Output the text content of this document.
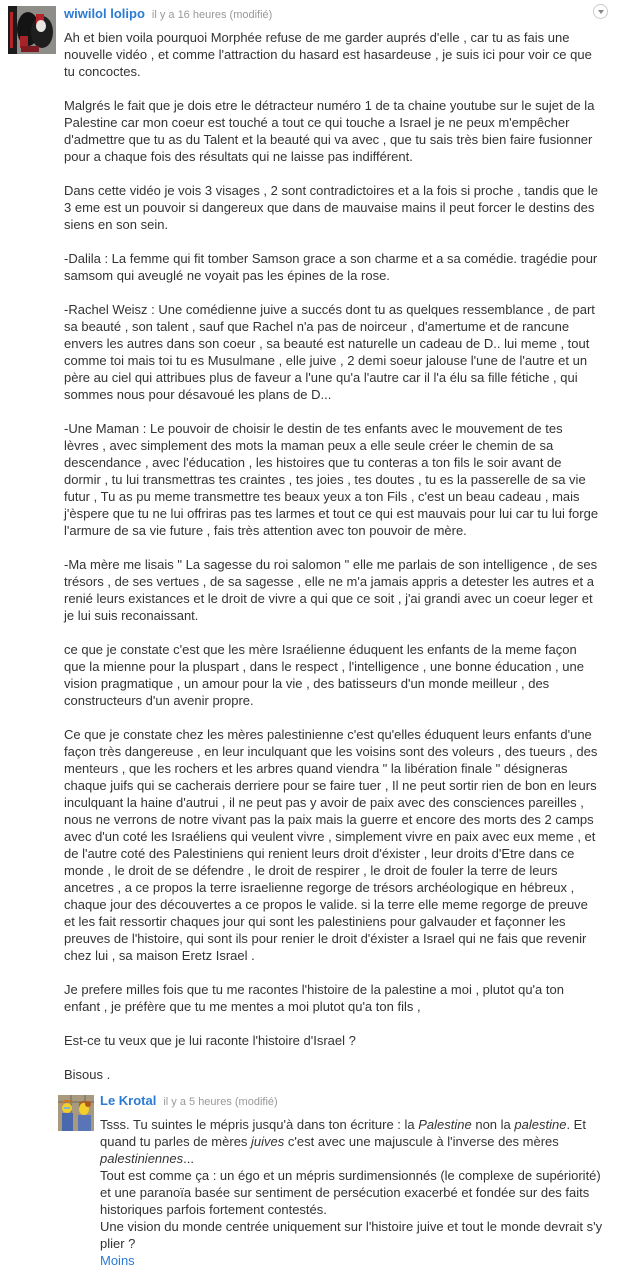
wiwilol lolipo il y a 16 heures (modifié)

Ah et bien voila pourquoi Morphée refuse de me garder auprés d'elle , car tu as fais une nouvelle vidéo , et comme l'attraction du hasard est hasardeuse , je suis ici pour voir ce que tu concoctes.

Malgrés le fait que je dois etre le détracteur numéro 1 de ta chaine youtube sur le sujet de la Palestine car mon coeur est touché a tout ce qui touche a Israel je ne peux m'empêcher d'admettre que tu as du Talent et la beauté qui va avec , que tu sais très bien faire fusionner pour a chaque fois des résultats qui ne laisse pas indifférent.

Dans cette vidéo je vois 3 visages , 2 sont contradictoires et a la fois si proche , tandis que le 3 eme est un pouvoir si dangereux que dans de mauvaise mains il peut forcer le destins des siens en son sein.

-Dalila : La femme qui fit tomber Samson grace a son charme et a sa comédie. tragédie pour samsom qui aveuglé ne voyait pas les épines de la rose.

-Rachel Weisz : Une comédienne juive a succés dont tu as quelques ressemblance , de part sa beauté , son talent , sauf que Rachel n'a pas de noirceur , d'amertume et de rancune envers les autres dans son coeur , sa beauté est naturelle un cadeau de D.. lui meme , tout comme toi mais toi tu es Musulmane , elle juive , 2 demi soeur jalouse l'une de l'autre et un père au ciel qui attribues plus de faveur a l'une qu'a l'autre car il l'a élu sa fille fétiche , qui sommes nous pour désavoué les plans de D...

-Une Maman : Le pouvoir de choisir le destin de tes enfants avec le mouvement de tes lèvres , avec simplement des mots la maman peux a elle seule créer le chemin de sa descendance , avec l'éducation , les histoires que tu conteras a ton fils le soir avant de dormir , tu lui transmettras tes craintes , tes joies , tes doutes , tu es la passerelle de sa vie futur , Tu as pu meme transmettre tes beaux yeux a ton Fils , c'est un beau cadeau , mais j'èspere que tu ne lui offriras pas tes larmes et tout ce qui est mauvais pour lui car tu lui forge l'armure de sa vie future , fais très attention avec ton pouvoir de mère.

-Ma mère me lisais " La sagesse du roi salomon " elle me parlais de son intelligence , de ses trésors , de ses vertues , de sa sagesse , elle ne m'a jamais appris a detester les autres et a renié leurs existances et le droit de vivre a qui que ce soit , j'ai grandi avec un coeur leger et je lui suis reconaissant.

ce que je constate c'est que les mère Israélienne éduquent les enfants de la meme façon que la mienne pour la pluspart , dans le respect , l'intelligence , une bonne éducation , une vision pragmatique , un amour pour la vie , des batisseurs d'un monde meilleur , des constructeurs d'un avenir propre.

Ce que je constate chez les mères palestinienne c'est qu'elles éduquent leurs enfants d'une façon très dangereuse , en leur inculquant que les voisins sont des voleurs , des tueurs , des menteurs , que les rochers et les arbres quand viendra " la libération finale " désigneras chaque juifs qui se cacherais derriere pour se faire tuer , Il ne peut sortir rien de bon en leurs inculquant la haine d'autrui , il ne peut pas y avoir de paix avec des consciences pareilles , nous ne verrons de notre vivant pas la paix mais la guerre et encore des morts des 2 camps avec d'un coté les Israéliens qui veulent vivre , simplement vivre en paix avec eux meme , et de l'autre coté des Palestiniens qui renient leurs droit d'éxister , leur droits d'Etre dans ce monde , le droit de se défendre , le droit de respirer , le droit de fouler la terre de leurs ancetres , a ce propos la terre israelienne regorge de trésors archéologique en hébreux , chaque jour des découvertes a ce propos le valide. si la terre elle meme regorge de preuve et les fait ressortir chaques jour qui sont les palestiniens pour galvauder et façonner les preuves de l'histoire, qui sont ils pour renier le droit d'éxister a Israel qui ne fais que revenir chez lui , sa maison Eretz Israel .

Je prefere milles fois que tu me racontes l'histoire de la palestine a moi , plutot qu'a ton enfant , je préfère que tu me mentes a moi plutot qu'a ton fils ,

Est-ce tu veux que je lui raconte l'histoire d'Israel ?

Bisous .

Le Krotal il y a 5 heures (modifié)

Tsss. Tu suintes le mépris jusqu'à dans ton écriture : la Palestine non la palestine. Et quand tu parles de mères juives c'est avec une majuscule à l'inverse des mères palestiniennes...

Tout est comme ça : un égo et un mépris surdimensionnés (le complexe de supériorité) et une paranoïa basée sur sentiment de persécution exacerbé et fondée sur des faits historiques parfois fortement contestés.

Une vision du monde centrée uniquement sur l'histoire juive et tout le monde devrait s'y plier ?

Moins
